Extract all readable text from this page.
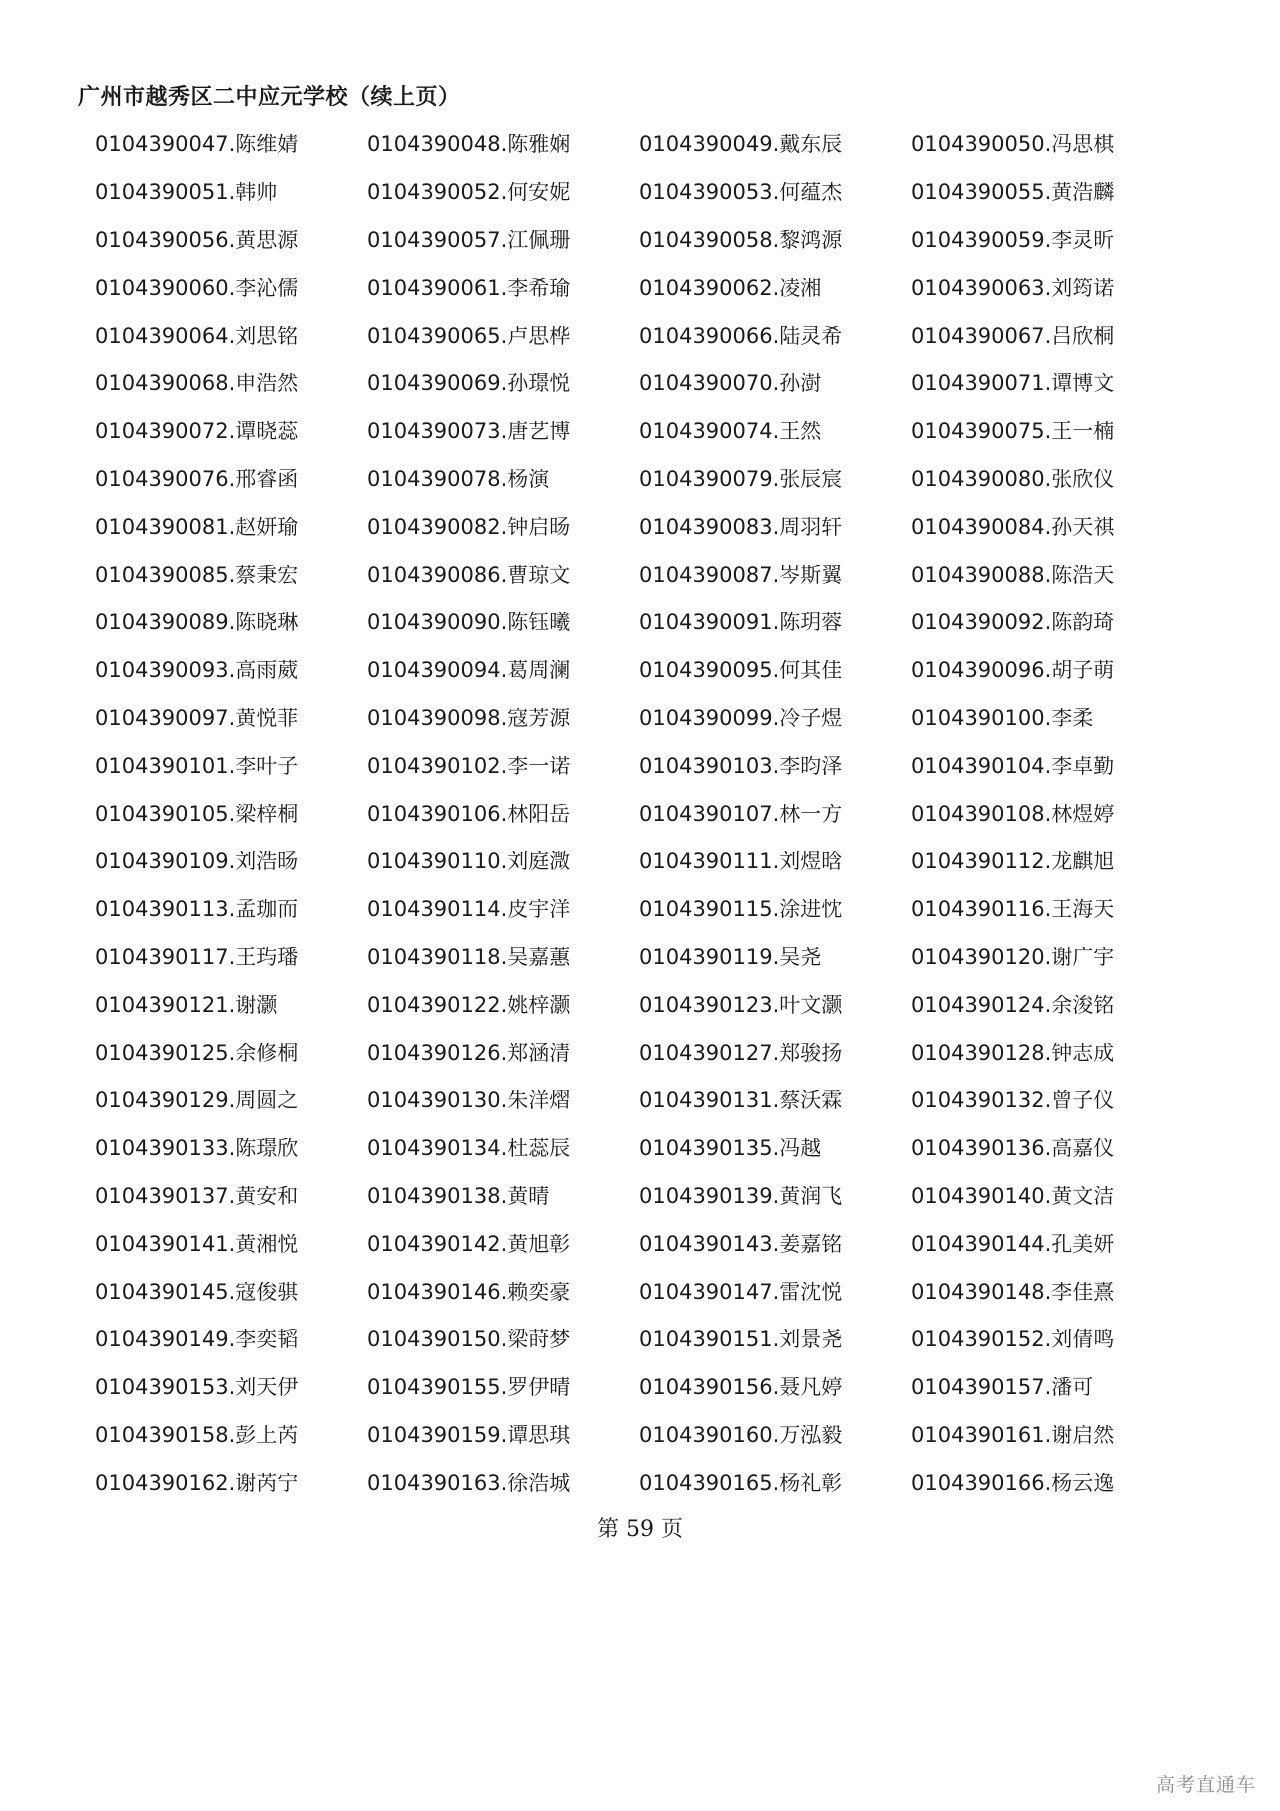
广州市越秀区二中应元学校（续上页）
0104390047.陈维婧	0104390048.陈雅娴	0104390049.戴东辰	0104390050.冯思棋
0104390051.韩帅	0104390052.何安妮	0104390053.何蕴杰	0104390055.黄浩麟
0104390056.黄思源	0104390057.江佩珊	0104390058.黎鸿源	0104390059.李灵昕
0104390060.李沁儒	0104390061.李希瑜	0104390062.凌湘	0104390063.刘筠诺
0104390064.刘思铭	0104390065.卢思桦	0104390066.陆灵希	0104390067.吕欣桐
0104390068.申浩然	0104390069.孙璟悦	0104390070.孙澍	0104390071.谭博文
0104390072.谭晓蕊	0104390073.唐艺博	0104390074.王然	0104390075.王一楠
0104390076.邢睿函	0104390078.杨演	0104390079.张辰宸	0104390080.张欣仪
0104390081.赵妍瑜	0104390082.钟启旸	0104390083.周羽轩	0104390084.孙天祺
0104390085.蔡秉宏	0104390086.曹琼文	0104390087.岑斯翼	0104390088.陈浩天
0104390089.陈晓琳	0104390090.陈钰曦	0104390091.陈玥蓉	0104390092.陈韵琦
0104390093.高雨葳	0104390094.葛周澜	0104390095.何其佳	0104390096.胡子萌
0104390097.黄悦菲	0104390098.寇芳源	0104390099.冷子煜	0104390100.李柔
0104390101.李叶子	0104390102.李一诺	0104390103.李昀泽	0104390104.李卓勤
0104390105.梁梓桐	0104390106.林阳岳	0104390107.林一方	0104390108.林煜婷
0104390109.刘浩旸	0104390110.刘庭溦	0104390111.刘煜晗	0104390112.龙麒旭
0104390113.孟珈而	0104390114.皮宇洋	0104390115.涂进忱	0104390116.王海天
0104390117.王玙璠	0104390118.吴嘉蕙	0104390119.吴尧	0104390120.谢广宇
0104390121.谢灏	0104390122.姚梓灏	0104390123.叶文灏	0104390124.余浚铭
0104390125.余修桐	0104390126.郑涵清	0104390127.郑骏扬	0104390128.钟志成
0104390129.周圆之	0104390130.朱洋熠	0104390131.蔡沃霖	0104390132.曾子仪
0104390133.陈璟欣	0104390134.杜蕊辰	0104390135.冯越	0104390136.高嘉仪
0104390137.黄安和	0104390138.黄晴	0104390139.黄润飞	0104390140.黄文洁
0104390141.黄湘悦	0104390142.黄旭彰	0104390143.姜嘉铭	0104390144.孔美妍
0104390145.寇俊骐	0104390146.赖奕豪	0104390147.雷沈悦	0104390148.李佳熹
0104390149.李奕韬	0104390150.梁莳梦	0104390151.刘景尧	0104390152.刘倩鸣
0104390153.刘天伊	0104390155.罗伊晴	0104390156.聂凡婷	0104390157.潘可
0104390158.彭上芮	0104390159.谭思琪	0104390160.万泓毅	0104390161.谢启然
0104390162.谢芮宁	0104390163.徐浩城	0104390165.杨礼彰	0104390166.杨云逸
第 59 页
高考直通车
